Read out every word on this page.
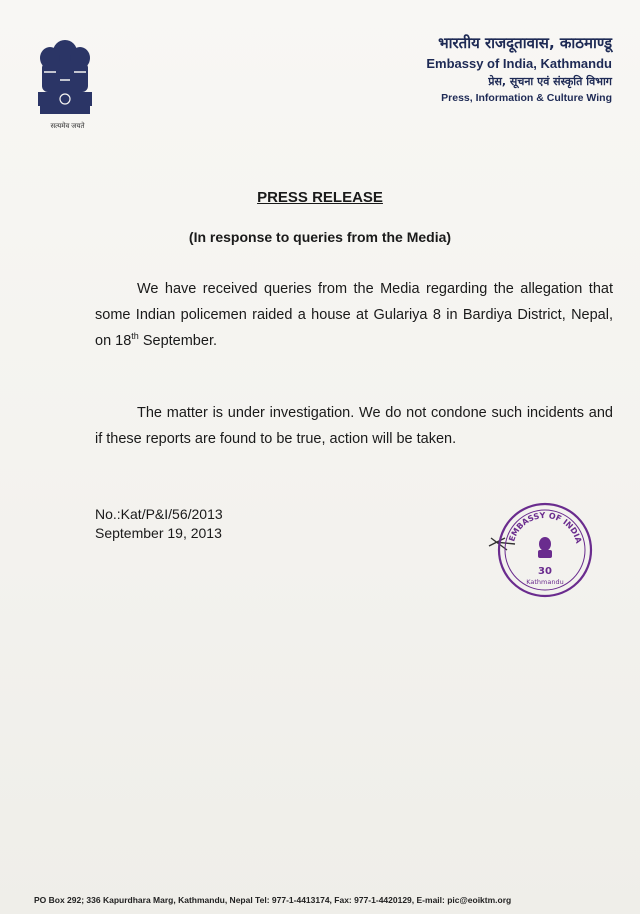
सत्यमेव जयते
भारतीय राजदूतावास, काठमाण्डू
Embassy of India, Kathmandu
प्रेस, सूचना एवं संस्कृति विभाग
Press, Information & Culture Wing
PRESS RELEASE
(In response to queries from the Media)
We have received queries from the Media regarding the allegation that some Indian policemen raided a house at Gulariya 8 in Bardiya District, Nepal, on 18th September.
The matter is under investigation. We do not condone such incidents and if these reports are found to be true, action will be taken.
No.:Kat/P&I/56/2013
September 19, 2013	EMBASSY OF INDIA
30
Kathmandu
PO Box 292; 336 Kapurdhara Marg, Kathmandu, Nepal Tel: 977-1-4413174, Fax: 977-1-4420129, E-mail: pic@eoiktm.org
